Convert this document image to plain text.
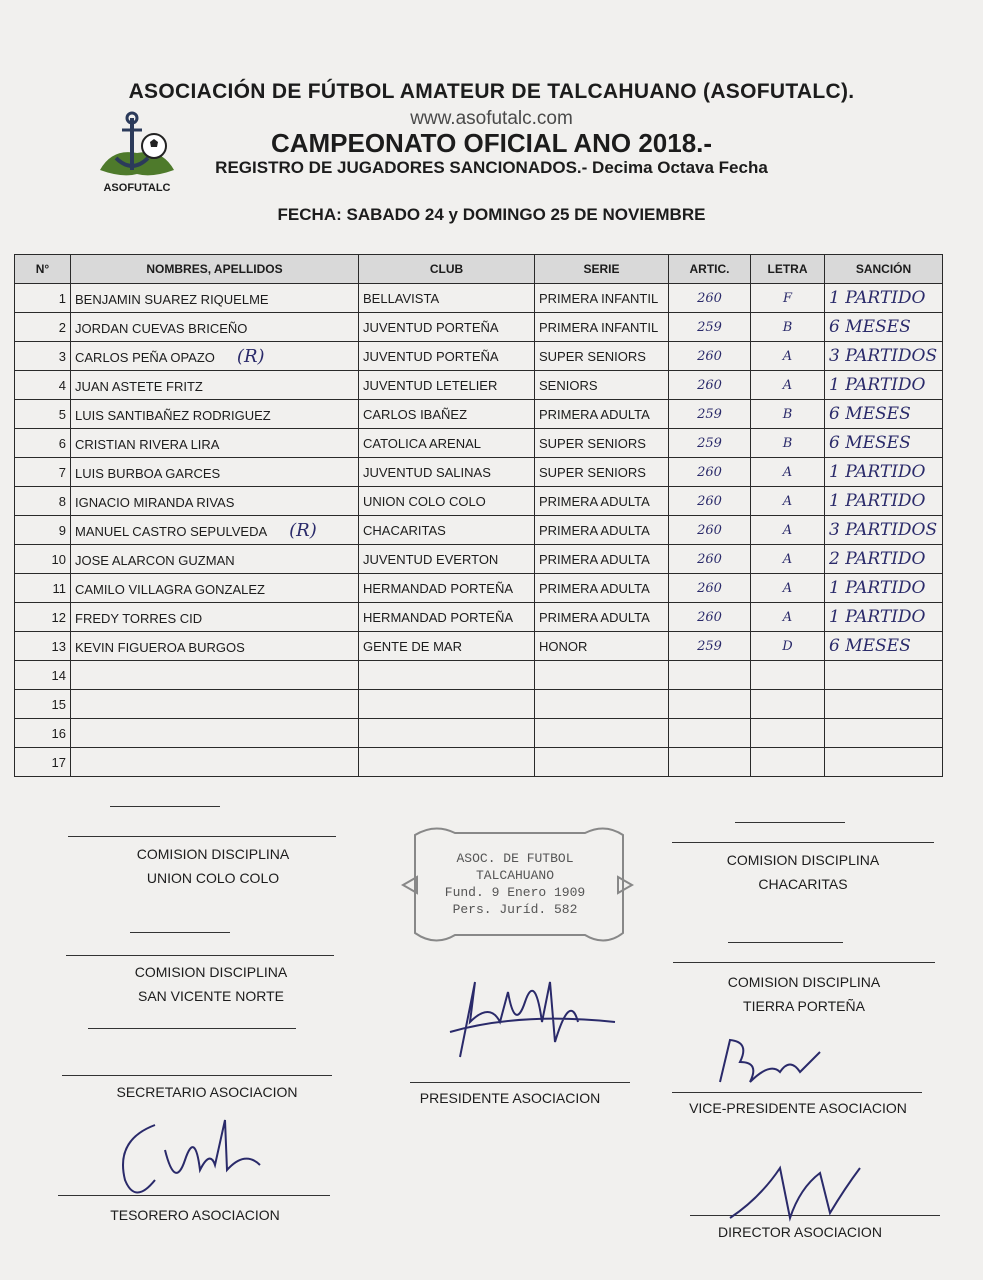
ASOCIACIÓN DE FÚTBOL AMATEUR DE TALCAHUANO (ASOFUTALC).
www.asofutalc.com
CAMPEONATO OFICIAL ANO 2018.-
REGISTRO DE JUGADORES SANCIONADOS.- Decima Octava Fecha
FECHA: SABADO 24 y DOMINGO 25 DE NOVIEMBRE
ASOFUTALC
N°	NOMBRES, APELLIDOS	CLUB	SERIE	ARTIC.	LETRA	SANCIÓN
1	BENJAMIN SUAREZ RIQUELME	BELLAVISTA	PRIMERA INFANTIL	260	F	1 PARTIDO
2	JORDAN CUEVAS BRICEÑO	JUVENTUD PORTEÑA	PRIMERA INFANTIL	259	B	6 MESES
3	CARLOS PEÑA OPAZO (R)	JUVENTUD PORTEÑA	SUPER SENIORS	260	A	3 PARTIDOS
4	JUAN ASTETE FRITZ	JUVENTUD LETELIER	SENIORS	260	A	1 PARTIDO
5	LUIS SANTIBAÑEZ RODRIGUEZ	CARLOS IBAÑEZ	PRIMERA ADULTA	259	B	6 MESES
6	CRISTIAN RIVERA LIRA	CATOLICA ARENAL	SUPER SENIORS	259	B	6 MESES
7	LUIS BURBOA GARCES	JUVENTUD SALINAS	SUPER SENIORS	260	A	1 PARTIDO
8	IGNACIO MIRANDA RIVAS	UNION COLO COLO	PRIMERA ADULTA	260	A	1 PARTIDO
9	MANUEL CASTRO SEPULVEDA (R)	CHACARITAS	PRIMERA ADULTA	260	A	3 PARTIDOS
10	JOSE ALARCON GUZMAN	JUVENTUD EVERTON	PRIMERA ADULTA	260	A	2 PARTIDO
11	CAMILO VILLAGRA GONZALEZ	HERMANDAD PORTEÑA	PRIMERA ADULTA	260	A	1 PARTIDO
12	FREDY TORRES CID	HERMANDAD PORTEÑA	PRIMERA ADULTA	260	A	1 PARTIDO
13	KEVIN FIGUEROA BURGOS	GENTE DE MAR	HONOR	259	D	6 MESES
14						
15						
16						
17						
ASOC. DE FUTBOL
TALCAHUANO
Fund. 9 Enero 1909
Pers. Juríd. 582
COMISION DISCIPLINA
UNION COLO COLO
COMISION DISCIPLINA
CHACARITAS
COMISION DISCIPLINA
SAN VICENTE NORTE
COMISION DISCIPLINA
TIERRA PORTEÑA
SECRETARIO ASOCIACION	PRESIDENTE ASOCIACION
VICE-PRESIDENTE ASOCIACION
TESORERO ASOCIACION
DIRECTOR ASOCIACION
